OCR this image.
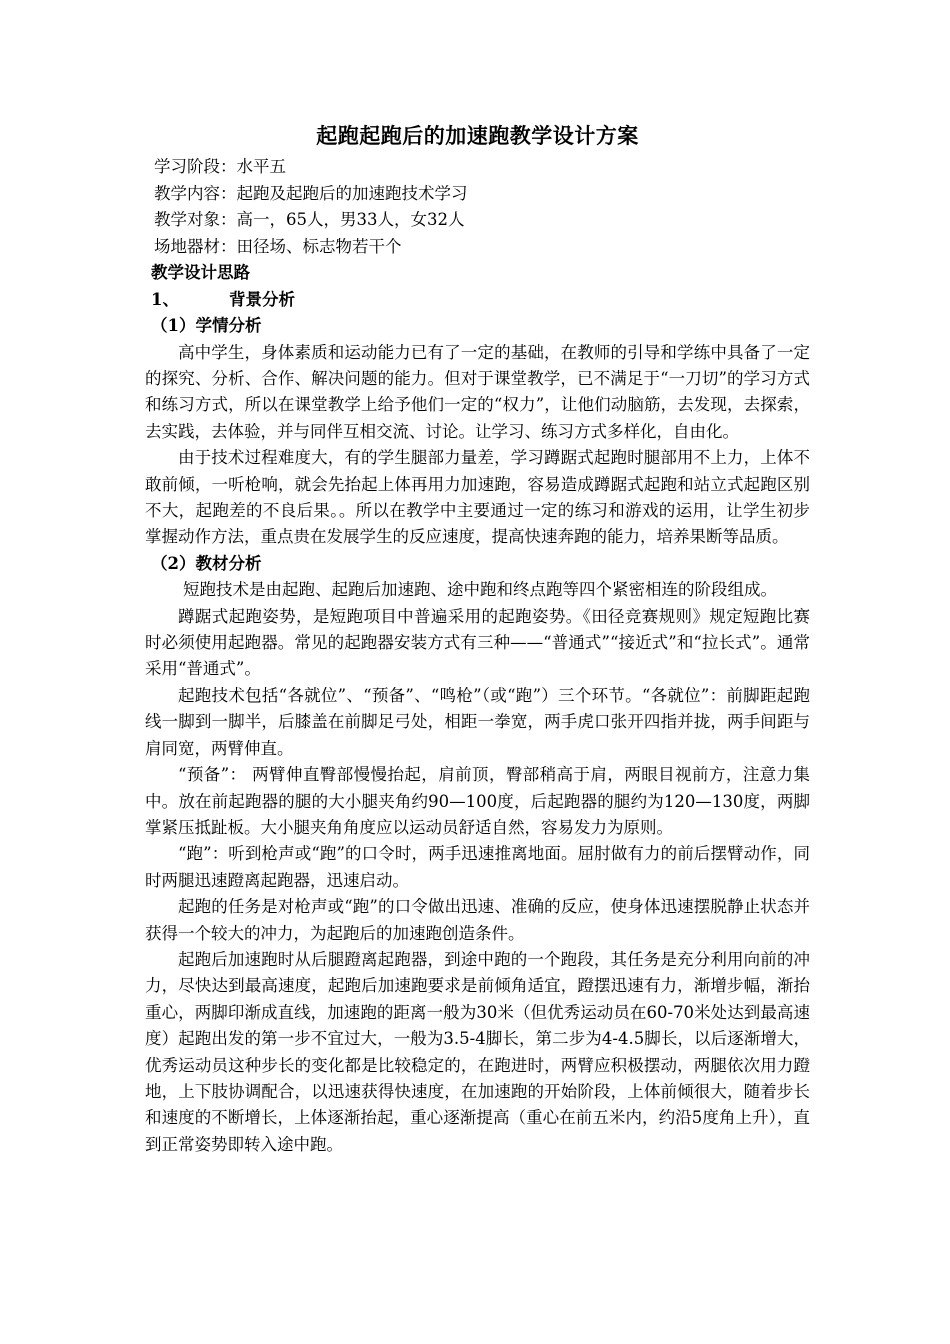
起跑起跑后的加速跑教学设计方案

学习阶段：水平五

教学内容：起跑及起跑后的加速跑技术学习

教学对象：高一，65人，男33人，女32人

场地器材：田径场、标志物若干个

教学设计思路

1、	背景分析

（1）学情分析

高中学生，身体素质和运动能力已有了一定的基础，在教师的引导和学练中具备了一定的探究、分析、合作、解决问题的能力。但对于课堂教学，已不满足于“一刀切”的学习方式和练习方式，所以在课堂教学上给予他们一定的“权力”，让他们动脑筋，去发现，去探索，去实践，去体验，并与同伴互相交流、讨论。让学习、练习方式多样化，自由化。

由于技术过程难度大，有的学生腿部力量差，学习蹲踞式起跑时腿部用不上力，上体不敢前倾，一听枪响，就会先抬起上体再用力加速跑，容易造成蹲踞式起跑和站立式起跑区别不大，起跑差的不良后果。。所以在教学中主要通过一定的练习和游戏的运用，让学生初步掌握动作方法，重点贵在发展学生的反应速度，提高快速奔跑的能力，培养果断等品质。

（2）教材分析

短跑技术是由起跑、起跑后加速跑、途中跑和终点跑等四个紧密相连的阶段组成。

蹲踞式起跑姿势，是短跑项目中普遍采用的起跑姿势。《田径竞赛规则》规定短跑比赛时必须使用起跑器。常见的起跑器安装方式有三种——“普通式”“接近式”和“拉长式”。通常采用“普通式”。

起跑技术包括“各就位”、“预备”、“鸣枪”（或“跑”）三个环节。“各就位”：前脚距起跑线一脚到一脚半，后膝盖在前脚足弓处，相距一拳宽，两手虎口张开四指并拢，两手间距与肩同宽，两臂伸直。

“预备”： 两臂伸直臀部慢慢抬起，肩前顶，臀部稍高于肩，两眼目视前方，注意力集中。放在前起跑器的腿的大小腿夹角约90—100度，后起跑器的腿约为120—130度，两脚掌紧压抵趾板。大小腿夹角角度应以运动员舒适自然，容易发力为原则。

“跑”：听到枪声或“跑”的口令时，两手迅速推离地面。屈肘做有力的前后摆臂动作，同时两腿迅速蹬离起跑器，迅速启动。

起跑的任务是对枪声或“跑”的口令做出迅速、准确的反应，使身体迅速摆脱静止状态并获得一个较大的冲力，为起跑后的加速跑创造条件。

起跑后加速跑时从后腿蹬离起跑器，到途中跑的一个跑段，其任务是充分利用向前的冲力，尽快达到最高速度，起跑后加速跑要求是前倾角适宜，蹬摆迅速有力，渐增步幅，渐抬重心，两脚印渐成直线，加速跑的距离一般为30米（但优秀运动员在60-70米处达到最高速度）起跑出发的第一步不宜过大，一般为3.5-4脚长，第二步为4-4.5脚长，以后逐渐增大，优秀运动员这种步长的变化都是比较稳定的，在跑进时，两臂应积极摆动，两腿依次用力蹬地，上下肢协调配合，以迅速获得快速度，在加速跑的开始阶段，上体前倾很大，随着步长和速度的不断增长，上体逐渐抬起，重心逐渐提高（重心在前五米内，约沿5度角上升），直到正常姿势即转入途中跑。
